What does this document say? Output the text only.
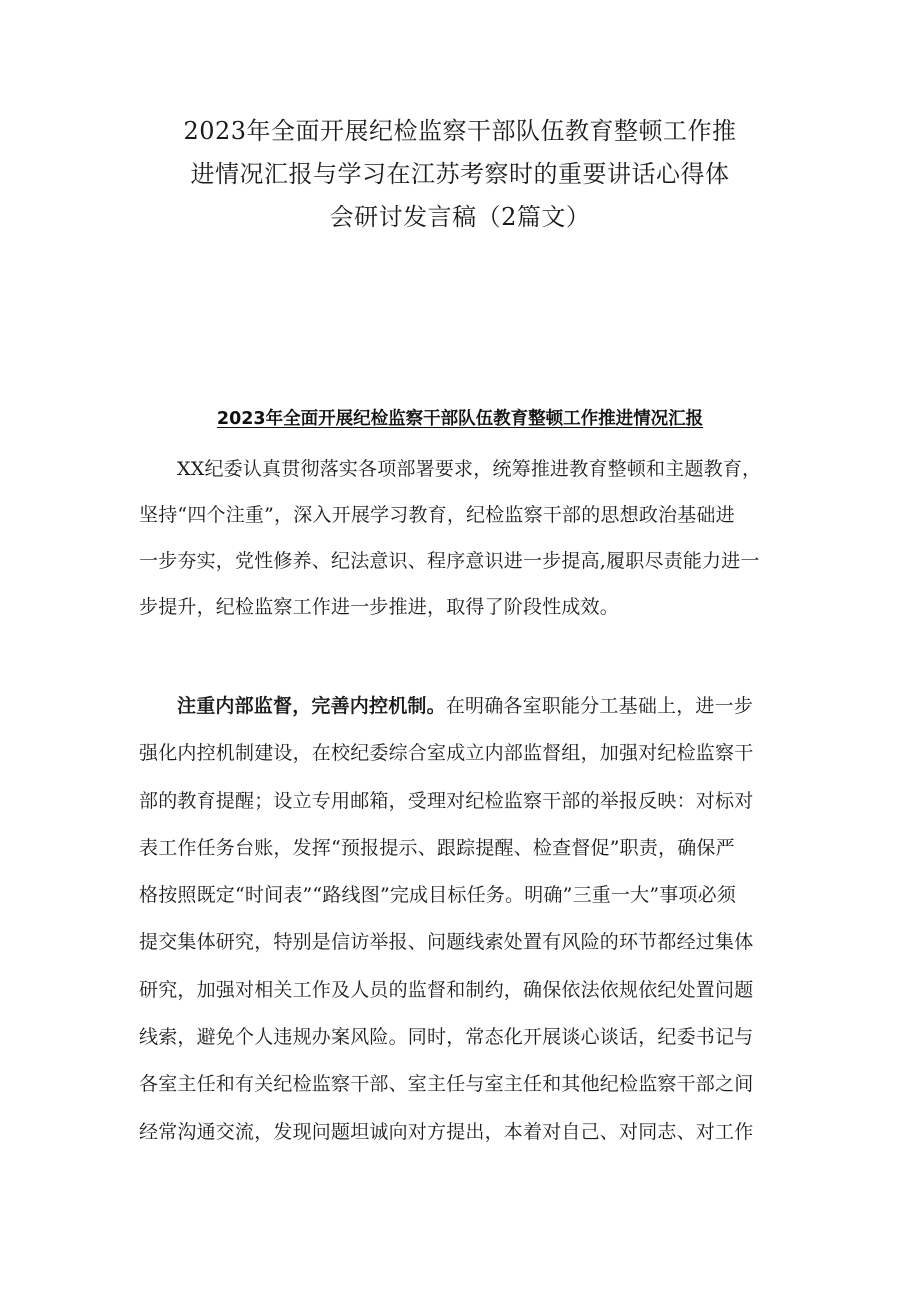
2023年全面开展纪检监察干部队伍教育整顿工作推
进情况汇报与学习在江苏考察时的重要讲话心得体
会研讨发言稿（2篇文）
2023年全面开展纪检监察干部队伍教育整顿工作推进情况汇报
XX纪委认真贯彻落实各项部署要求，统筹推进教育整顿和主题教育，
坚持“四个注重”，深入开展学习教育，纪检监察干部的思想政治基础进
一步夯实，党性修养、纪法意识、程序意识进一步提高,履职尽责能力进一
步提升，纪检监察工作进一步推进，取得了阶段性成效。
注重内部监督，完善内控机制。在明确各室职能分工基础上，进一步
强化内控机制建设，在校纪委综合室成立内部监督组，加强对纪检监察干
部的教育提醒；设立专用邮箱，受理对纪检监察干部的举报反映：对标对
表工作任务台账，发挥“预报提示、跟踪提醒、检查督促”职责，确保严
格按照既定“时间表”“路线图”完成目标任务。明确”三重一大”事项必须
提交集体研究，特别是信访举报、问题线索处置有风险的环节都经过集体
研究，加强对相关工作及人员的监督和制约，确保依法依规依纪处置问题
线索，避免个人违规办案风险。同时，常态化开展谈心谈话，纪委书记与
各室主任和有关纪检监察干部、室主任与室主任和其他纪检监察干部之间
经常沟通交流，发现问题坦诚向对方提出，本着对自己、对同志、对工作
